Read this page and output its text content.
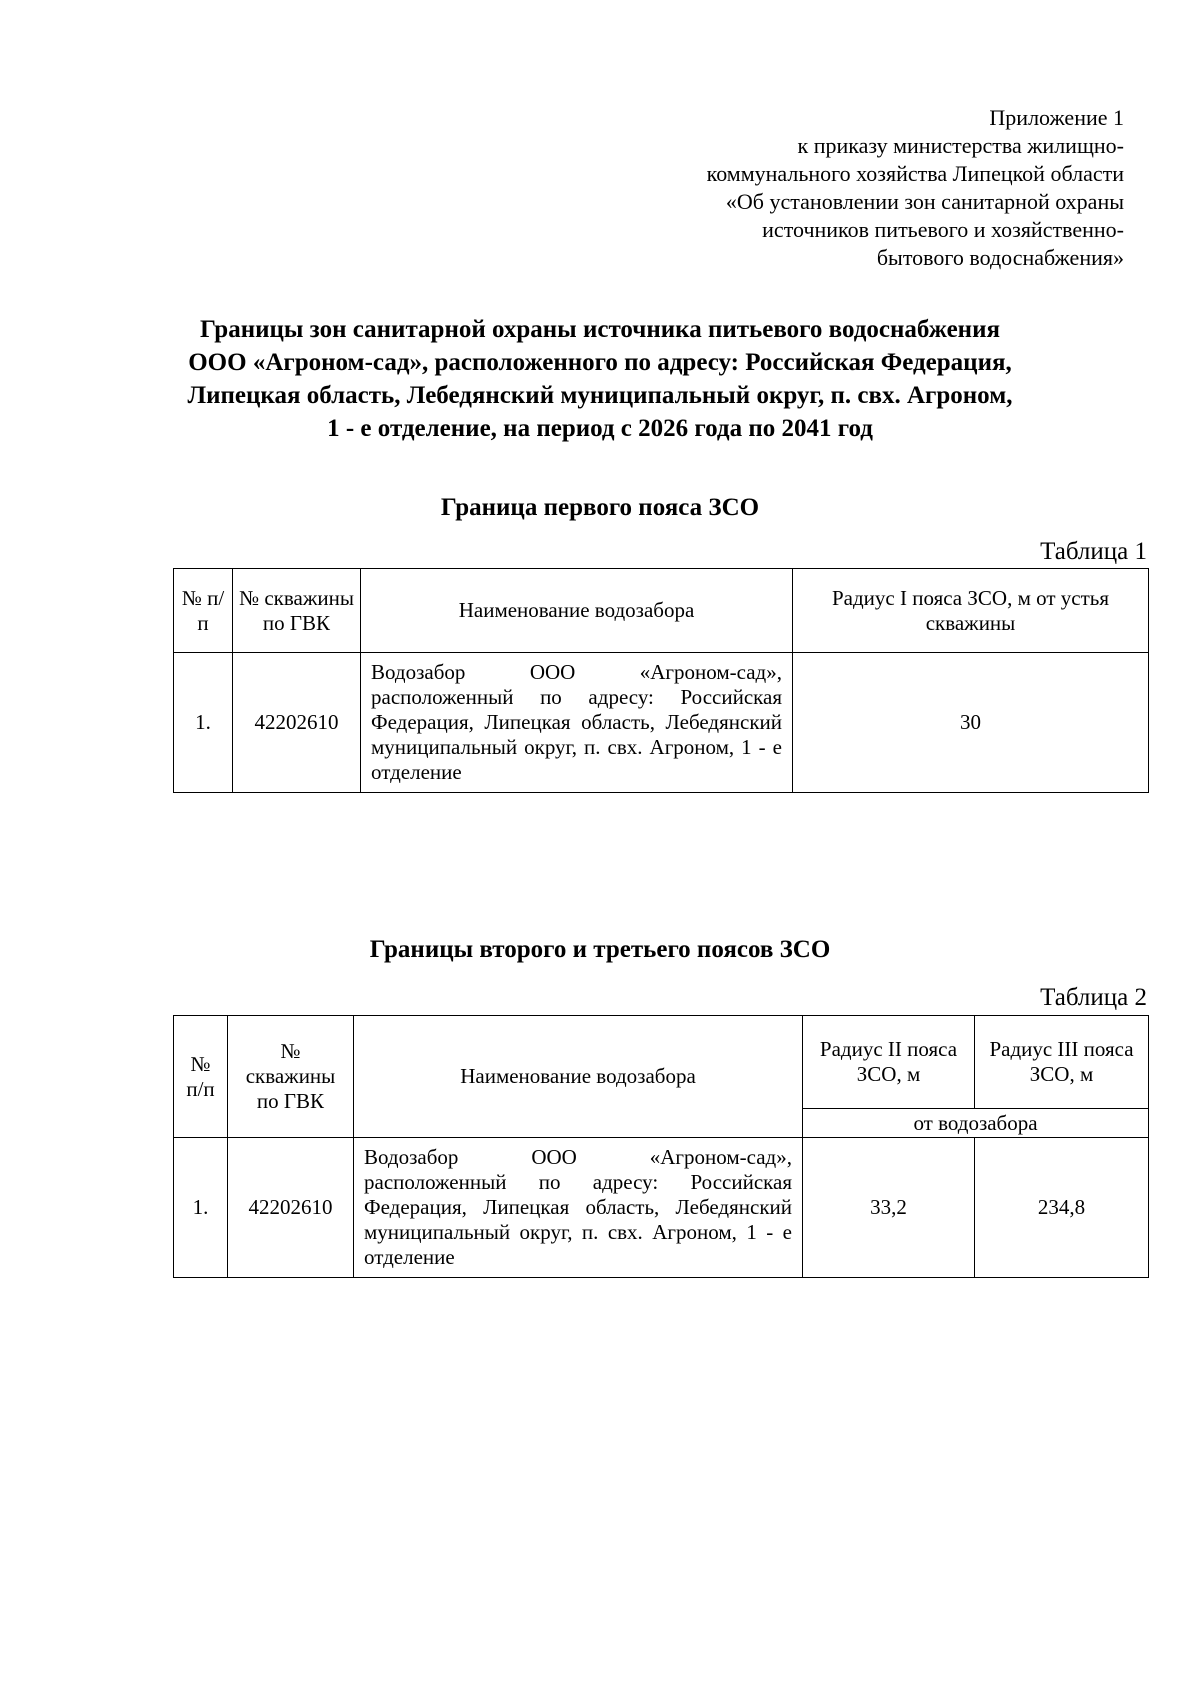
Приложение 1
к приказу министерства жилищно-
коммунального хозяйства Липецкой области
«Об установлении зон санитарной охраны
источников питьевого и хозяйственно-
бытового водоснабжения»
Границы зон санитарной охраны источника питьевого водоснабжения
ООО «Агроном-сад», расположенного по адресу: Российская Федерация,
Липецкая область, Лебедянский муниципальный округ, п. свх. Агроном,
1 - е отделение, на период с 2026 года по 2041 год
Граница первого пояса ЗСО
Таблица 1
№ п/п	№ скважины по ГВК	Наименование водозабора	Радиус I пояса ЗСО, м от устья скважины
1.	42202610	Водозабор ООО «Агроном-сад», расположенный по адресу: Российская Федерация, Липецкая область, Лебедянский муниципальный округ, п. свх. Агроном, 1 - е отделение	30
Границы второго и третьего поясов ЗСО
Таблица 2
№ п/п	№ скважины по ГВК	Наименование водозабора	Радиус II пояса ЗСО, м	Радиус III пояса ЗСО, м
			от водозабора	
1.	42202610	Водозабор ООО «Агроном-сад», расположенный по адресу: Российская Федерация, Липецкая область, Лебедянский муниципальный округ, п. свх. Агроном, 1 - е отделение	33,2	234,8
